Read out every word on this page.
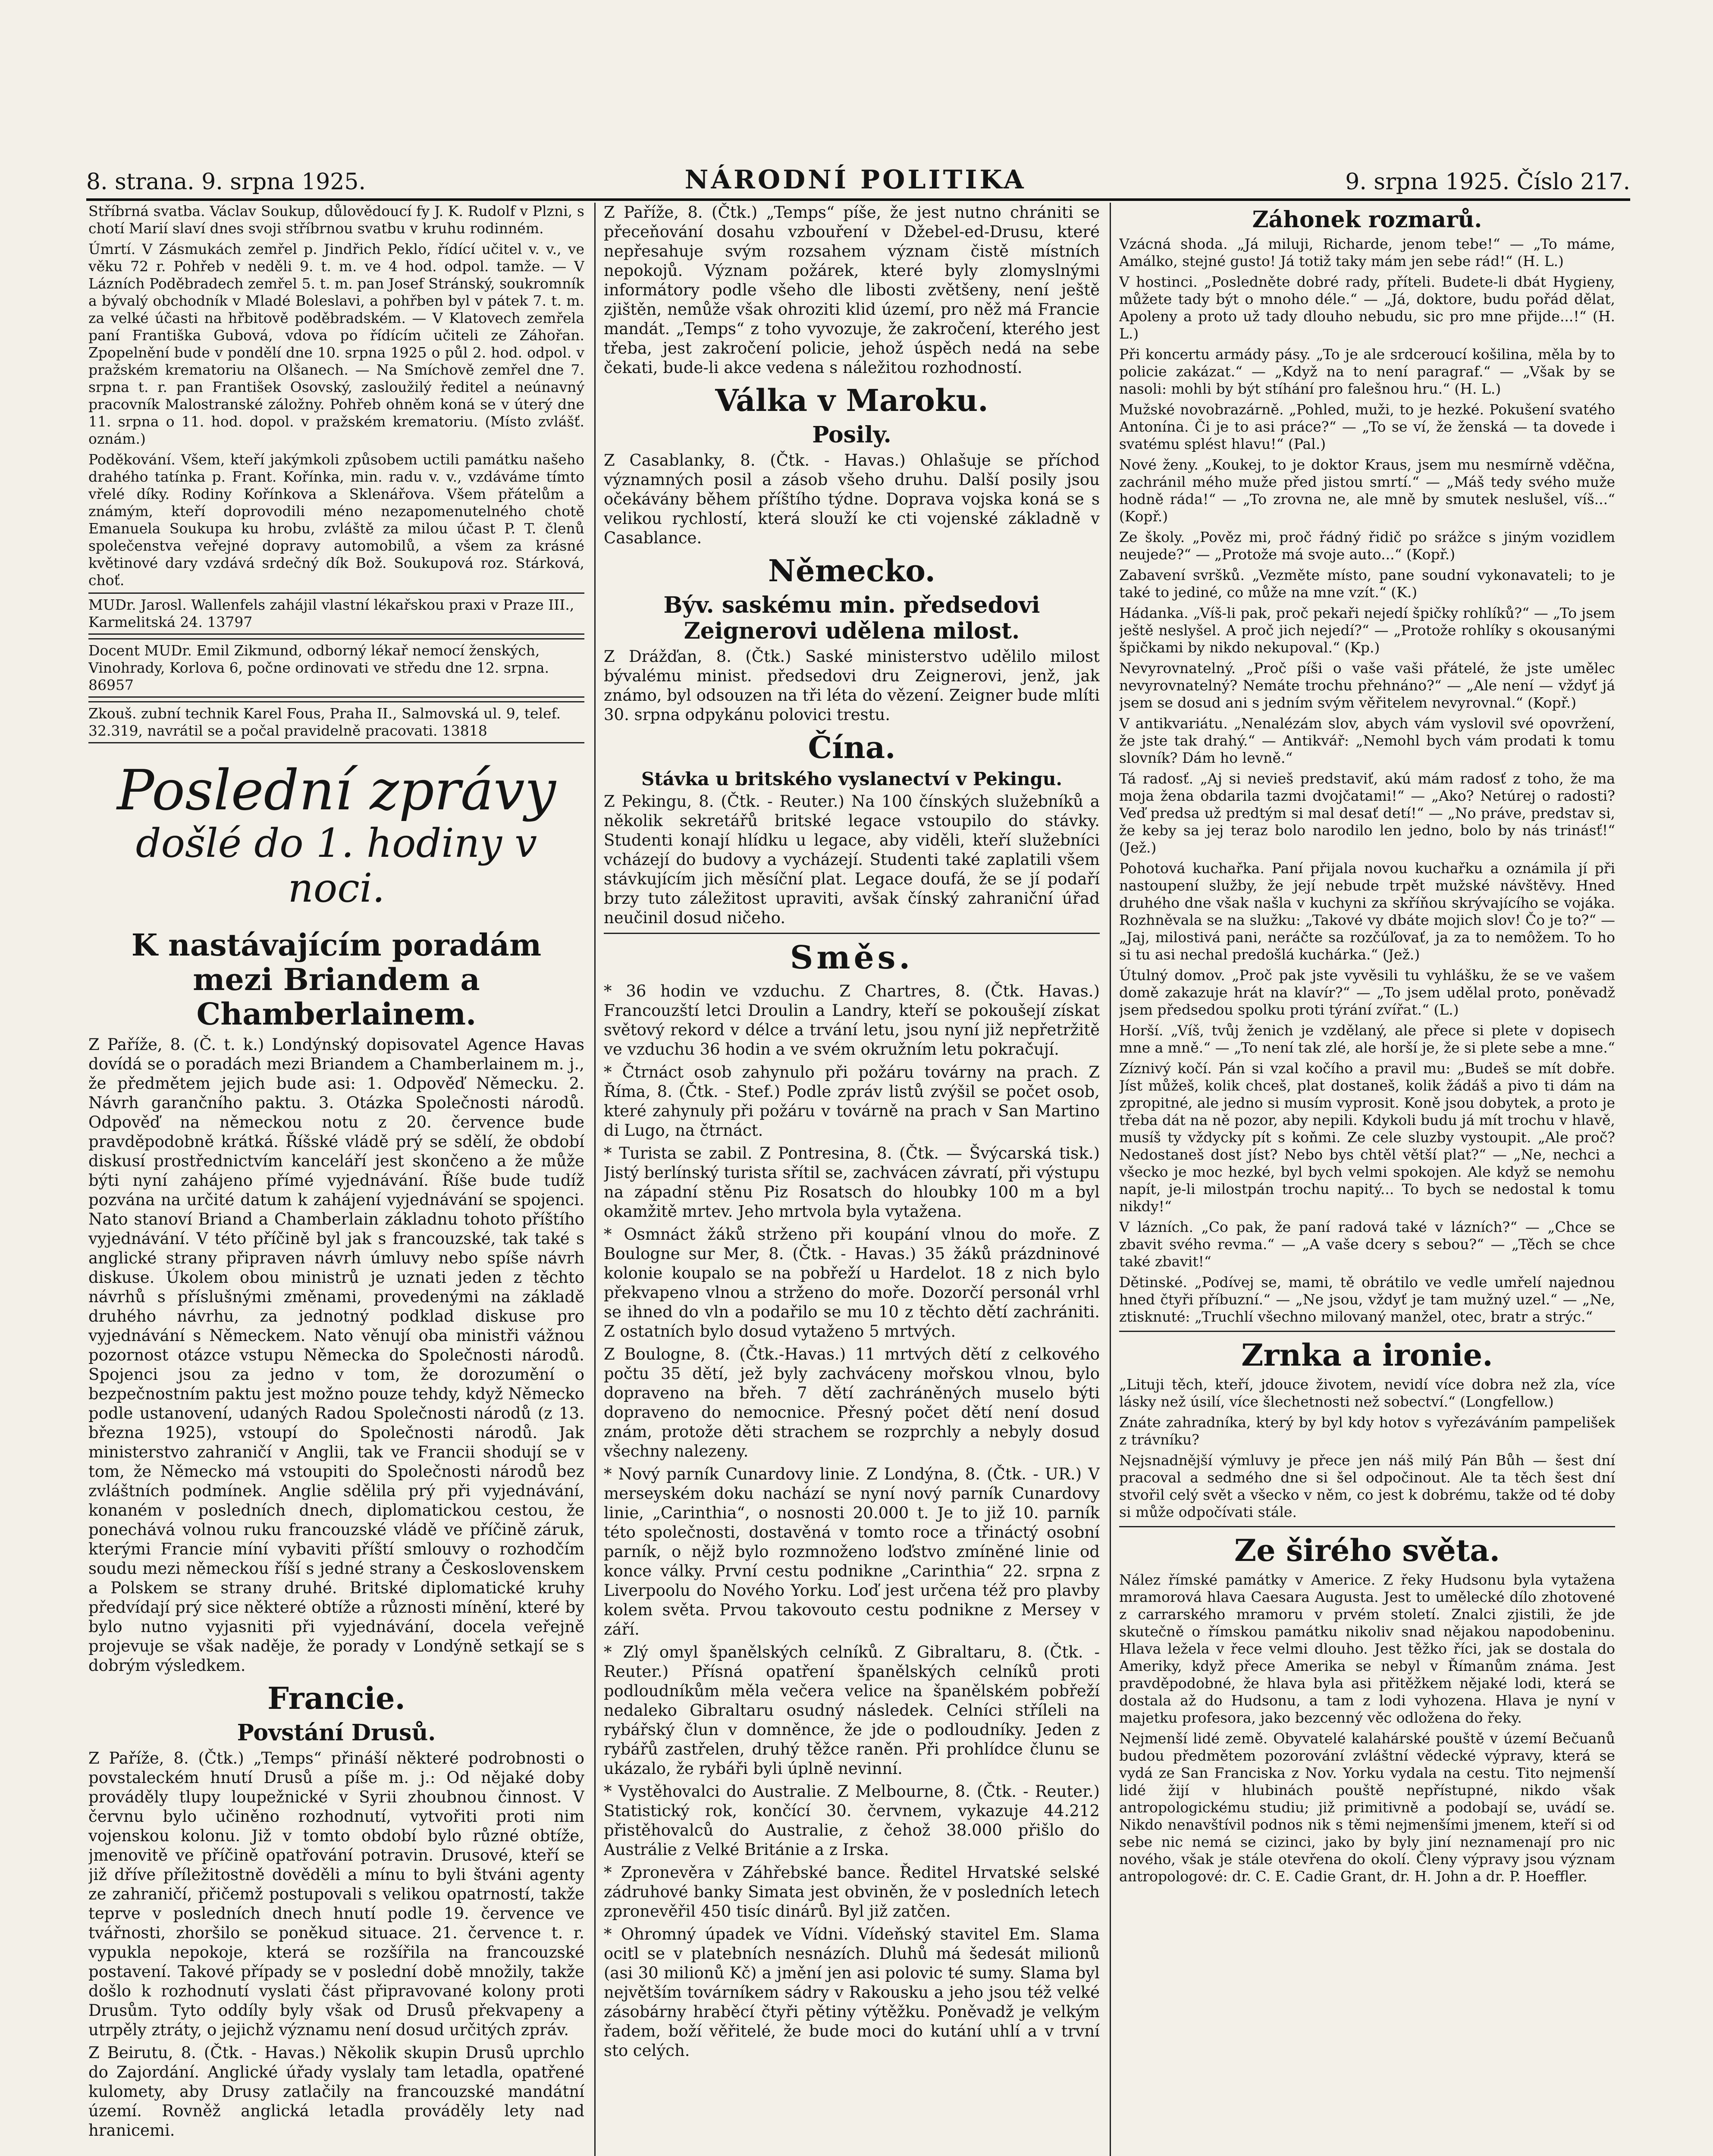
8. strana. 9. srpna 1925.	NÁRODNÍ POLITIKA	9. srpna 1925. Číslo 217.

Stříbrná svatba. Václav Soukup, důlovědoucí fy J. K. Rudolf v Plzni, s chotí Marií slaví dnes svoji stříbrnou svatbu v kruhu rodinném.

Úmrtí. V Zásmukách zemřel p. Jindřich Peklo, řídící učitel v. v., ve věku 72 r. Pohřeb v neděli 9. t. m. ve 4 hod. odpol. tamže. — V Lázních Poděbradech zemřel 5. t. m. pan Josef Stránský, soukromník a bývalý obchodník v Mladé Boleslavi, a pohřben byl v pátek 7. t. m. za velké účasti na hřbitově poděbradském. — V Klatovech zemřela paní Františka Gubová, vdova po řídícím učiteli ze Záhořan. Zpopelnění bude v pondělí dne 10. srpna 1925 o půl 2. hod. odpol. v pražském krematoriu na Olšanech. — Na Smíchově zemřel dne 7. srpna t. r. pan František Osovský, zasloužilý ředitel a neúnavný pracovník Malostranské záložny. Pohřeb ohněm koná se v úterý dne 11. srpna o 11. hod. dopol. v pražském krematoriu. (Místo zvlášť. oznám.)

Poděkování. Všem, kteří jakýmkoli způsobem uctili památku našeho drahého tatínka p. Frant. Kořínka, min. radu v. v., vzdáváme tímto vřelé díky. Rodiny Kořínkova a Sklenářova. Všem přátelům a známým, kteří doprovodili méno nezapomenutelného chotě Emanuela Soukupa ku hrobu, zvláště za milou účast P. T. členů společenstva veřejné dopravy automobilů, a všem za krásné květinové dary vzdává srdečný dík Bož. Soukupová roz. Stárková, choť.

MUDr. Jarosl. Wallenfels zahájil vlastní lékařskou praxi v Praze III., Karmelitská 24. 13797
Docent MUDr. Emil Zikmund, odborný lékař nemocí ženských, Vinohrady, Korlova 6, počne ordinovati ve středu dne 12. srpna. 86957
Zkouš. zubní technik Karel Fous, Praha II., Salmovská ul. 9, telef. 32.319, navrátil se a počal pravidelně pracovati. 13818
Poslední zprávy
došlé do 1. hodiny v noci.
K nastávajícím poradám mezi Briandem a Chamberlainem.

Z Paříže, 8. (Č. t. k.) Londýnský dopisovatel Agence Havas dovídá se o poradách mezi Briandem a Chamberlainem m. j., že předmětem jejich bude asi: 1. Odpověď Německu. 2. Návrh garančního paktu. 3. Otázka Společnosti národů. Odpověď na německou notu z 20. července bude pravděpodobně krátká. Říšské vládě prý se sdělí, že období diskusí prostřednictvím kanceláří jest skončeno a že může býti nyní zahájeno přímé vyjednávání. Říše bude tudíž pozvána na určité datum k zahájení vyjednávání se spojenci. Nato stanoví Briand a Chamberlain základnu tohoto příštího vyjednávání. V této příčině byl jak s francouzské, tak také s anglické strany připraven návrh úmluvy nebo spíše návrh diskuse. Úkolem obou ministrů je uznati jeden z těchto návrhů s příslušnými změnami, provedenými na základě druhého návrhu, za jednotný podklad diskuse pro vyjednávání s Německem. Nato věnují oba ministři vážnou pozornost otázce vstupu Německa do Společnosti národů. Spojenci jsou za jedno v tom, že dorozumění o bezpečnostním paktu jest možno pouze tehdy, když Německo podle ustanovení, udaných Radou Společnosti národů (z 13. března 1925), vstoupí do Společnosti národů. Jak ministerstvo zahraničí v Anglii, tak ve Francii shodují se v tom, že Německo má vstoupiti do Společnosti národů bez zvláštních podmínek. Anglie sdělila prý při vyjednávání, konaném v posledních dnech, diplomatickou cestou, že ponechává volnou ruku francouzské vládě ve příčině záruk, kterými Francie míní vybaviti příští smlouvy o rozhodčím soudu mezi německou říší s jedné strany a Československem a Polskem se strany druhé. Britské diplomatické kruhy předvídají prý sice některé obtíže a různosti mínění, které by bylo nutno vyjasniti při vyjednávání, docela veřejně projevuje se však naděje, že porady v Londýně setkají se s dobrým výsledkem.

Francie.
Povstání Drusů.

Z Paříže, 8. (Čtk.) „Temps“ přináší některé podrobnosti o povstaleckém hnutí Drusů a píše m. j.: Od nějaké doby prováděly tlupy loupežnické v Syrii zhoubnou činnost. V červnu bylo učiněno rozhodnutí, vytvořiti proti nim vojenskou kolonu. Již v tomto období bylo různé obtíže, jmenovitě ve příčině opatřování potravin. Drusové, kteří se již dříve příležitostně dověděli a mínu to byli štváni agenty ze zahraničí, přičemž postupovali s velikou opatrností, takže teprve v posledních dnech hnutí podle 19. července ve tvářnosti, zhoršilo se poněkud situace. 21. července t. r. vypukla nepokoje, která se rozšířila na francouzské postavení. Takové případy se v poslední době množily, takže došlo k rozhodnutí vyslati část připravované kolony proti Drusům. Tyto oddíly byly však od Drusů překvapeny a utrpěly ztráty, o jejichž významu není dosud určitých zpráv.

Z Beirutu, 8. (Čtk. - Havas.) Několik skupin Drusů uprchlo do Zajordání. Anglické úřady vyslaly tam letadla, opatřené kulomety, aby Drusy zatlačily na francouzské mandátní území. Rovněž anglická letadla prováděly lety nad hranicemi.

Z Paříže, 8. (Čtk.) „Temps“ píše, že jest nutno chrániti se přeceňování dosahu vzbouření v Džebel-ed-Drusu, které nepřesahuje svým rozsahem význam čistě místních nepokojů. Význam požárek, které byly zlomyslnými informátory podle všeho dle libosti zvětšeny, není ještě zjištěn, nemůže však ohroziti klid území, pro něž má Francie mandát. „Temps“ z toho vyvozuje, že zakročení, kterého jest třeba, jest zakročení policie, jehož úspěch nedá na sebe čekati, bude-li akce vedena s náležitou rozhodností.

Válka v Maroku.
Posily.

Z Casablanky, 8. (Čtk. - Havas.) Ohlašuje se příchod významných posil a zásob všeho druhu. Další posily jsou očekávány během příštího týdne. Doprava vojska koná se s velikou rychlostí, která slouží ke cti vojenské základně v Casablance.

Německo.
Býv. saskému min. předsedovi Zeignerovi udělena milost.

Z Drážďan, 8. (Čtk.) Saské ministerstvo udělilo milost bývalému minist. předsedovi dru Zeignerovi, jenž, jak známo, byl odsouzen na tři léta do vězení. Zeigner bude mlíti 30. srpna odpykánu polovici trestu.

Čína.
Stávka u britského vyslanectví v Pekingu.

Z Pekingu, 8. (Čtk. - Reuter.) Na 100 čínských služebníků a několik sekretářů britské legace vstoupilo do stávky. Studenti konají hlídku u legace, aby viděli, kteří služebníci vcházejí do budovy a vycházejí. Studenti také zaplatili všem stávkujícím jich měsíční plat. Legace doufá, že se jí podaří brzy tuto záležitost upraviti, avšak čínský zahraniční úřad neučinil dosud ničeho.

Směs.

* 36 hodin ve vzduchu. Z Chartres, 8. (Čtk. Havas.) Francouzští letci Droulin a Landry, kteří se pokoušejí získat světový rekord v délce a trvání letu, jsou nyní již nepřetržitě ve vzduchu 36 hodin a ve svém okružním letu pokračují.

* Čtrnáct osob zahynulo při požáru továrny na prach. Z Říma, 8. (Čtk. - Stef.) Podle zpráv listů zvýšil se počet osob, které zahynuly při požáru v továrně na prach v San Martino di Lugo, na čtrnáct.

* Turista se zabil. Z Pontresina, 8. (Čtk. — Švýcarská tisk.) Jistý berlínský turista sřítil se, zachvácen závratí, při výstupu na západní stěnu Piz Rosatsch do hloubky 100 m a byl okamžitě mrtev. Jeho mrtvola byla vytažena.

* Osmnáct žáků strženo při koupání vlnou do moře. Z Boulogne sur Mer, 8. (Čtk. - Havas.) 35 žáků prázdninové kolonie koupalo se na pobřeží u Hardelot. 18 z nich bylo překvapeno vlnou a strženo do moře. Dozorčí personál vrhl se ihned do vln a podařilo se mu 10 z těchto dětí zachrániti. Z ostatních bylo dosud vytaženo 5 mrtvých.

Z Boulogne, 8. (Čtk.-Havas.) 11 mrtvých dětí z celkového počtu 35 dětí, jež byly zachváceny mořskou vlnou, bylo dopraveno na břeh. 7 dětí zachráněných muselo býti dopraveno do nemocnice. Přesný počet dětí není dosud znám, protože děti strachem se rozprchly a nebyly dosud všechny nalezeny.

* Nový parník Cunardovy linie. Z Londýna, 8. (Čtk. - UR.) V merseyském doku nachází se nyní nový parník Cunardovy linie, „Carinthia“, o nosnosti 20.000 t. Je to již 10. parník této společnosti, dostavěná v tomto roce a třináctý osobní parník, o nějž bylo rozmnoženo loďstvo zmíněné linie od konce války. První cestu podnikne „Carinthia“ 22. srpna z Liverpoolu do Nového Yorku. Loď jest určena též pro plavby kolem světa. Prvou takovouto cestu podnikne z Mersey v září.

* Zlý omyl španělských celníků. Z Gibraltaru, 8. (Čtk. - Reuter.) Přísná opatření španělských celníků proti podloudníkům měla večera velice na španělském pobřeží nedaleko Gibraltaru osudný následek. Celníci stříleli na rybářský člun v domněnce, že jde o podloudníky. Jeden z rybářů zastřelen, druhý těžce raněn. Při prohlídce člunu se ukázalo, že rybáři byli úplně nevinní.

* Vystěhovalci do Australie. Z Melbourne, 8. (Čtk. - Reuter.) Statistický rok, končící 30. červnem, vykazuje 44.212 přistěhovalců do Australie, z čehož 38.000 přišlo do Austrálie z Velké Británie a z Irska.

* Zpronevěra v Záhřebské bance. Ředitel Hrvatské selské zádruhové banky Simata jest obviněn, že v posledních letech zpronevěřil 450 tisíc dinárů. Byl již zatčen.

* Ohromný úpadek ve Vídni. Vídeňský stavitel Em. Slama ocitl se v platebních nesnázích. Dluhů má šedesát milionů (asi 30 milionů Kč) a jmění jen asi polovic té sumy. Slama byl největším továrníkem sádry v Rakousku a jeho jsou též velké zásobárny hraběcí čtyři pětiny výtěžku. Poněvadž je velkým řadem, boží věřitelé, že bude moci do kutání uhlí a v trvní sto celých.

Záhonek rozmarů.

Vzácná shoda. „Já miluji, Richarde, jenom tebe!“ — „To máme, Amálko, stejné gusto! Já totiž taky mám jen sebe rád!“ (H. L.)

V hostinci. „Posledněte dobré rady, příteli. Budete-li dbát Hygieny, můžete tady být o mnoho déle.“ — „Já, doktore, budu pořád dělat, Apoleny a proto už tady dlouho nebudu, sic pro mne přijde...!“ (H. L.)

Při koncertu armády pásy. „To je ale srdceroucí košilina, měla by to policie zakázat.“ — „Když na to není paragraf.“ — „Však by se nasoli: mohli by být stíhání pro falešnou hru.“ (H. L.)

Mužské novobrazárně. „Pohled, muži, to je hezké. Pokušení svatého Antonína. Či je to asi práce?“ — „To se ví, že ženská — ta dovede i svatému splést hlavu!“ (Pal.)

Nové ženy. „Koukej, to je doktor Kraus, jsem mu nesmírně vděčna, zachránil mého muže před jistou smrtí.“ — „Máš tedy svého muže hodně ráda!“ — „To zrovna ne, ale mně by smutek neslušel, víš...“ (Kopř.)

Ze školy. „Pověz mi, proč řádný řidič po srážce s jiným vozidlem neujede?“ — „Protože má svoje auto...“ (Kopř.)

Zabavení svršků. „Vezměte místo, pane soudní vykonavateli; to je také to jediné, co může na mne vzít.“ (K.)

Hádanka. „Víš-li pak, proč pekaři nejedí špičky rohlíků?“ — „To jsem ještě neslyšel. A proč jich nejedí?“ — „Protože rohlíky s okousanými špičkami by nikdo nekupoval.“ (Kp.)

Nevyrovnatelný. „Proč píši o vaše vaši přátelé, že jste umělec nevyrovnatelný? Nemáte trochu přehnáno?“ — „Ale není — vždyť já jsem se dosud ani s jedním svým věřitelem nevyrovnal.“ (Kopř.)

V antikvariátu. „Nenalézám slov, abych vám vyslovil své opovržení, že jste tak drahý.“ — Antikvář: „Nemohl bych vám prodati k tomu slovník? Dám ho levně.“

Tá radosť. „Aj si nevieš predstaviť, akú mám radosť z toho, že ma moja žena obdarila tazmi dvojčatami!“ — „Ako? Netúrej o radosti? Veď predsa už predtým si mal desať detí!“ — „No práve, predstav si, že keby sa jej teraz bolo narodilo len jedno, bolo by nás trinásť!“ (Jež.)

Pohotová kuchařka. Paní přijala novou kuchařku a oznámila jí při nastoupení služby, že její nebude trpět mužské návštěvy. Hned druhého dne však našla v kuchyni za skříňou skrývajícího se vojáka. Rozhněvala se na služku: „Takové vy dbáte mojich slov! Čo je to?“ — „Jaj, milostivá pani, neráčte sa rozčúľovať, ja za to nemôžem. To ho si tu asi nechal predošlá kuchárka.“ (Jež.)

Útulný domov. „Proč pak jste vyvěsili tu vyhlášku, že se ve vašem domě zakazuje hrát na klavír?“ — „To jsem udělal proto, poněvadž jsem předsedou spolku proti týrání zvířat.“ (L.)

Horší. „Víš, tvůj ženich je vzdělaný, ale přece si plete v dopisech mne a mně.“ — „To není tak zlé, ale horší je, že si plete sebe a mne.“

Zíznivý kočí. Pán si vzal kočího a pravil mu: „Budeš se mít dobře. Jíst můžeš, kolik chceš, plat dostaneš, kolik žádáš a pivo ti dám na zpropitné, ale jedno si musím vyprosit. Koně jsou dobytek, a proto je třeba dát na ně pozor, aby nepili. Kdykoli budu já mít trochu v hlavě, musíš ty vždycky pít s koňmi. Ze cele sluzby vystoupit. „Ale proč? Nedostaneš dost jíst? Nebo bys chtěl větší plat?“ — „Ne, nechci a všecko je moc hezké, byl bych velmi spokojen. Ale když se nemohu napít, je-li milostpán trochu napitý... To bych se nedostal k tomu nikdy!“

V lázních. „Co pak, že paní radová také v lázních?“ — „Chce se zbavit svého revma.“ — „A vaše dcery s sebou?“ — „Těch se chce také zbavit!“

Dětinské. „Podívej se, mami, tě obrátilo ve vedle umřelí najednou hned čtyři příbuzní.“ — „Ne jsou, vždyť je tam mužný uzel.“ — „Ne, ztisknuté: „Truchlí všechno milovaný manžel, otec, bratr a strýc.“

Zrnka a ironie.

„Lituji těch, kteří, jdouce životem, nevidí více dobra než zla, více lásky než úsilí, více šlechetnosti než sobectví.“ (Longfellow.)

Znáte zahradníka, který by byl kdy hotov s vyřezáváním pampelišek z trávníku?

Nejsnadnější výmluvy je přece jen náš milý Pán Bůh — šest dní pracoval a sedmého dne si šel odpočinout. Ale ta těch šest dní stvořil celý svět a všecko v něm, co jest k dobrému, takže od té doby si může odpočívati stále.

Ze širého světa.

Nález římské památky v Americe. Z řeky Hudsonu byla vytažena mramorová hlava Caesara Augusta. Jest to umělecké dílo zhotovené z carrarského mramoru v prvém století. Znalci zjistili, že jde skutečně o římskou památku nikoliv snad nějakou napodobeninu. Hlava ležela v řece velmi dlouho. Jest těžko říci, jak se dostala do Ameriky, když přece Amerika se nebyl v Římanům známa. Jest pravděpodobné, že hlava byla asi přitěžkem nějaké lodi, která se dostala až do Hudsonu, a tam z lodi vyhozena. Hlava je nyní v majetku profesora, jako bezcenný věc odložena do řeky.

Nejmenší lidé země. Obyvatelé kalahárské pouště v území Bečuanů budou předmětem pozorování zvláštní vědecké výpravy, která se vydá ze San Franciska z Nov. Yorku vydala na cestu. Tito nejmenší lidé žijí v hlubinách pouště nepřístupné, nikdo však antropologickému studiu; již primitivně a podobají se, uvádí se. Nikdo nenavštívil podnos nik s těmi nejmenšími jmenem, kteří si od sebe nic nemá se cizinci, jako by byly jiní neznamenají pro nic nového, však je stále otevřena do okolí. Členy výpravy jsou význam antropologové: dr. C. E. Cadie Grant, dr. H. John a dr. P. Hoeffler.
